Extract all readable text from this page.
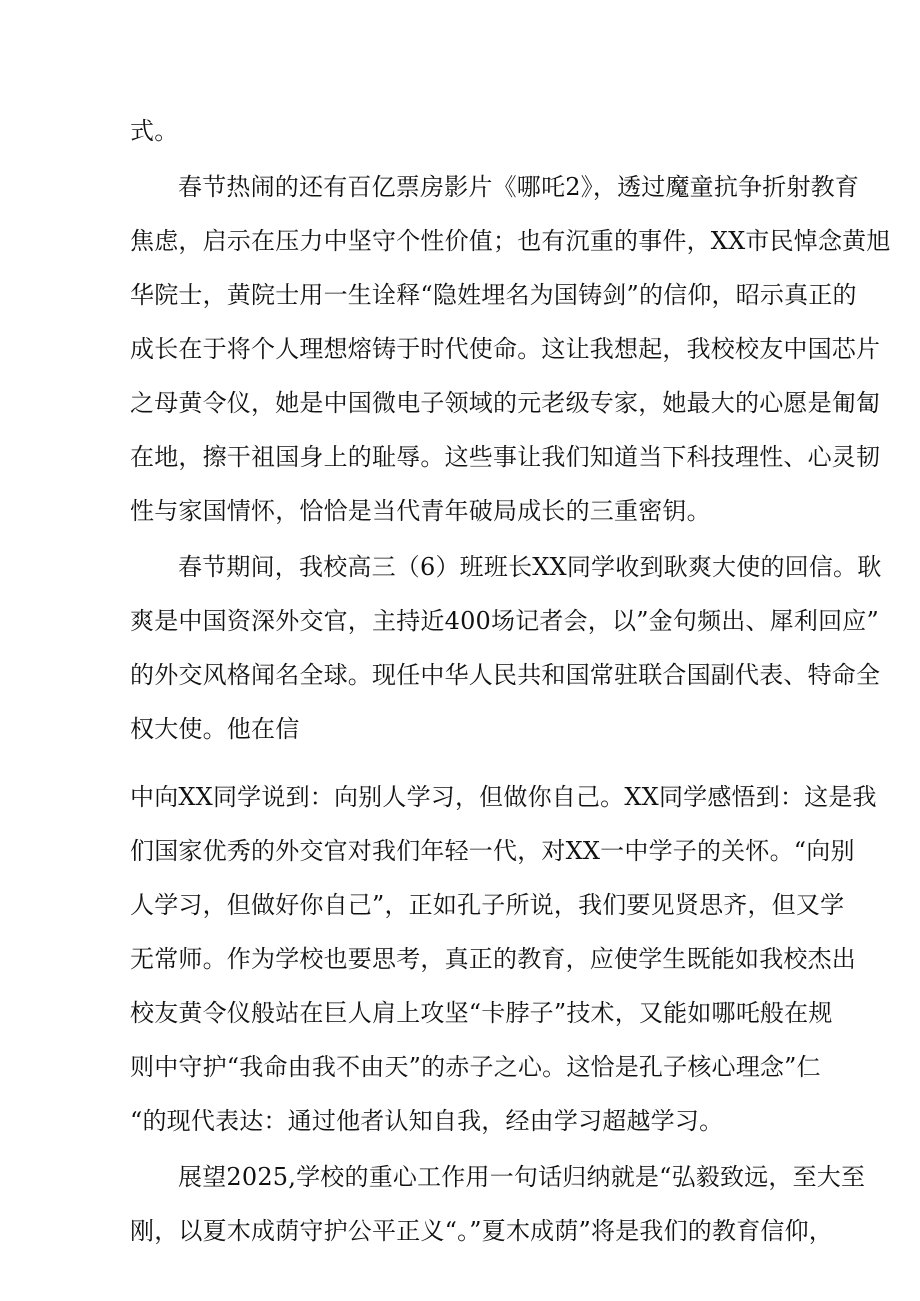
式。
春节热闹的还有百亿票房影片《哪吒2》，透过魔童抗争折射教育
焦虑，启示在压力中坚守个性价值；也有沉重的事件，XX市民悼念黄旭
华院士，黄院士用一生诠释“隐姓埋名为国铸剑”的信仰，昭示真正的
成长在于将个人理想熔铸于时代使命。这让我想起，我校校友中国芯片
之母黄令仪，她是中国微电子领域的元老级专家，她最大的心愿是匍匐
在地，擦干祖国身上的耻辱。这些事让我们知道当下科技理性、心灵韧
性与家国情怀，恰恰是当代青年破局成长的三重密钥。
春节期间，我校高三（6）班班长XX同学收到耿爽大使的回信。耿
爽是中国资深外交官，主持近400场记者会，以”金句频出、犀利回应”
的外交风格闻名全球。现任中华人民共和国常驻联合国副代表、特命全
权大使。他在信
中向XX同学说到：向别人学习，但做你自己。XX同学感悟到：这是我
们国家优秀的外交官对我们年轻一代，对XX一中学子的关怀。“向别
人学习，但做好你自己”，正如孔子所说，我们要见贤思齐，但又学
无常师。作为学校也要思考，真正的教育，应使学生既能如我校杰出
校友黄令仪般站在巨人肩上攻坚“卡脖子”技术，又能如哪吒般在规
则中守护“我命由我不由天”的赤子之心。这恰是孔子核心理念”仁
“的现代表达：通过他者认知自我，经由学习超越学习。
展望2025,学校的重心工作用一句话归纳就是“弘毅致远，至大至
刚，以夏木成荫守护公平正义“。”夏木成荫”将是我们的教育信仰，
